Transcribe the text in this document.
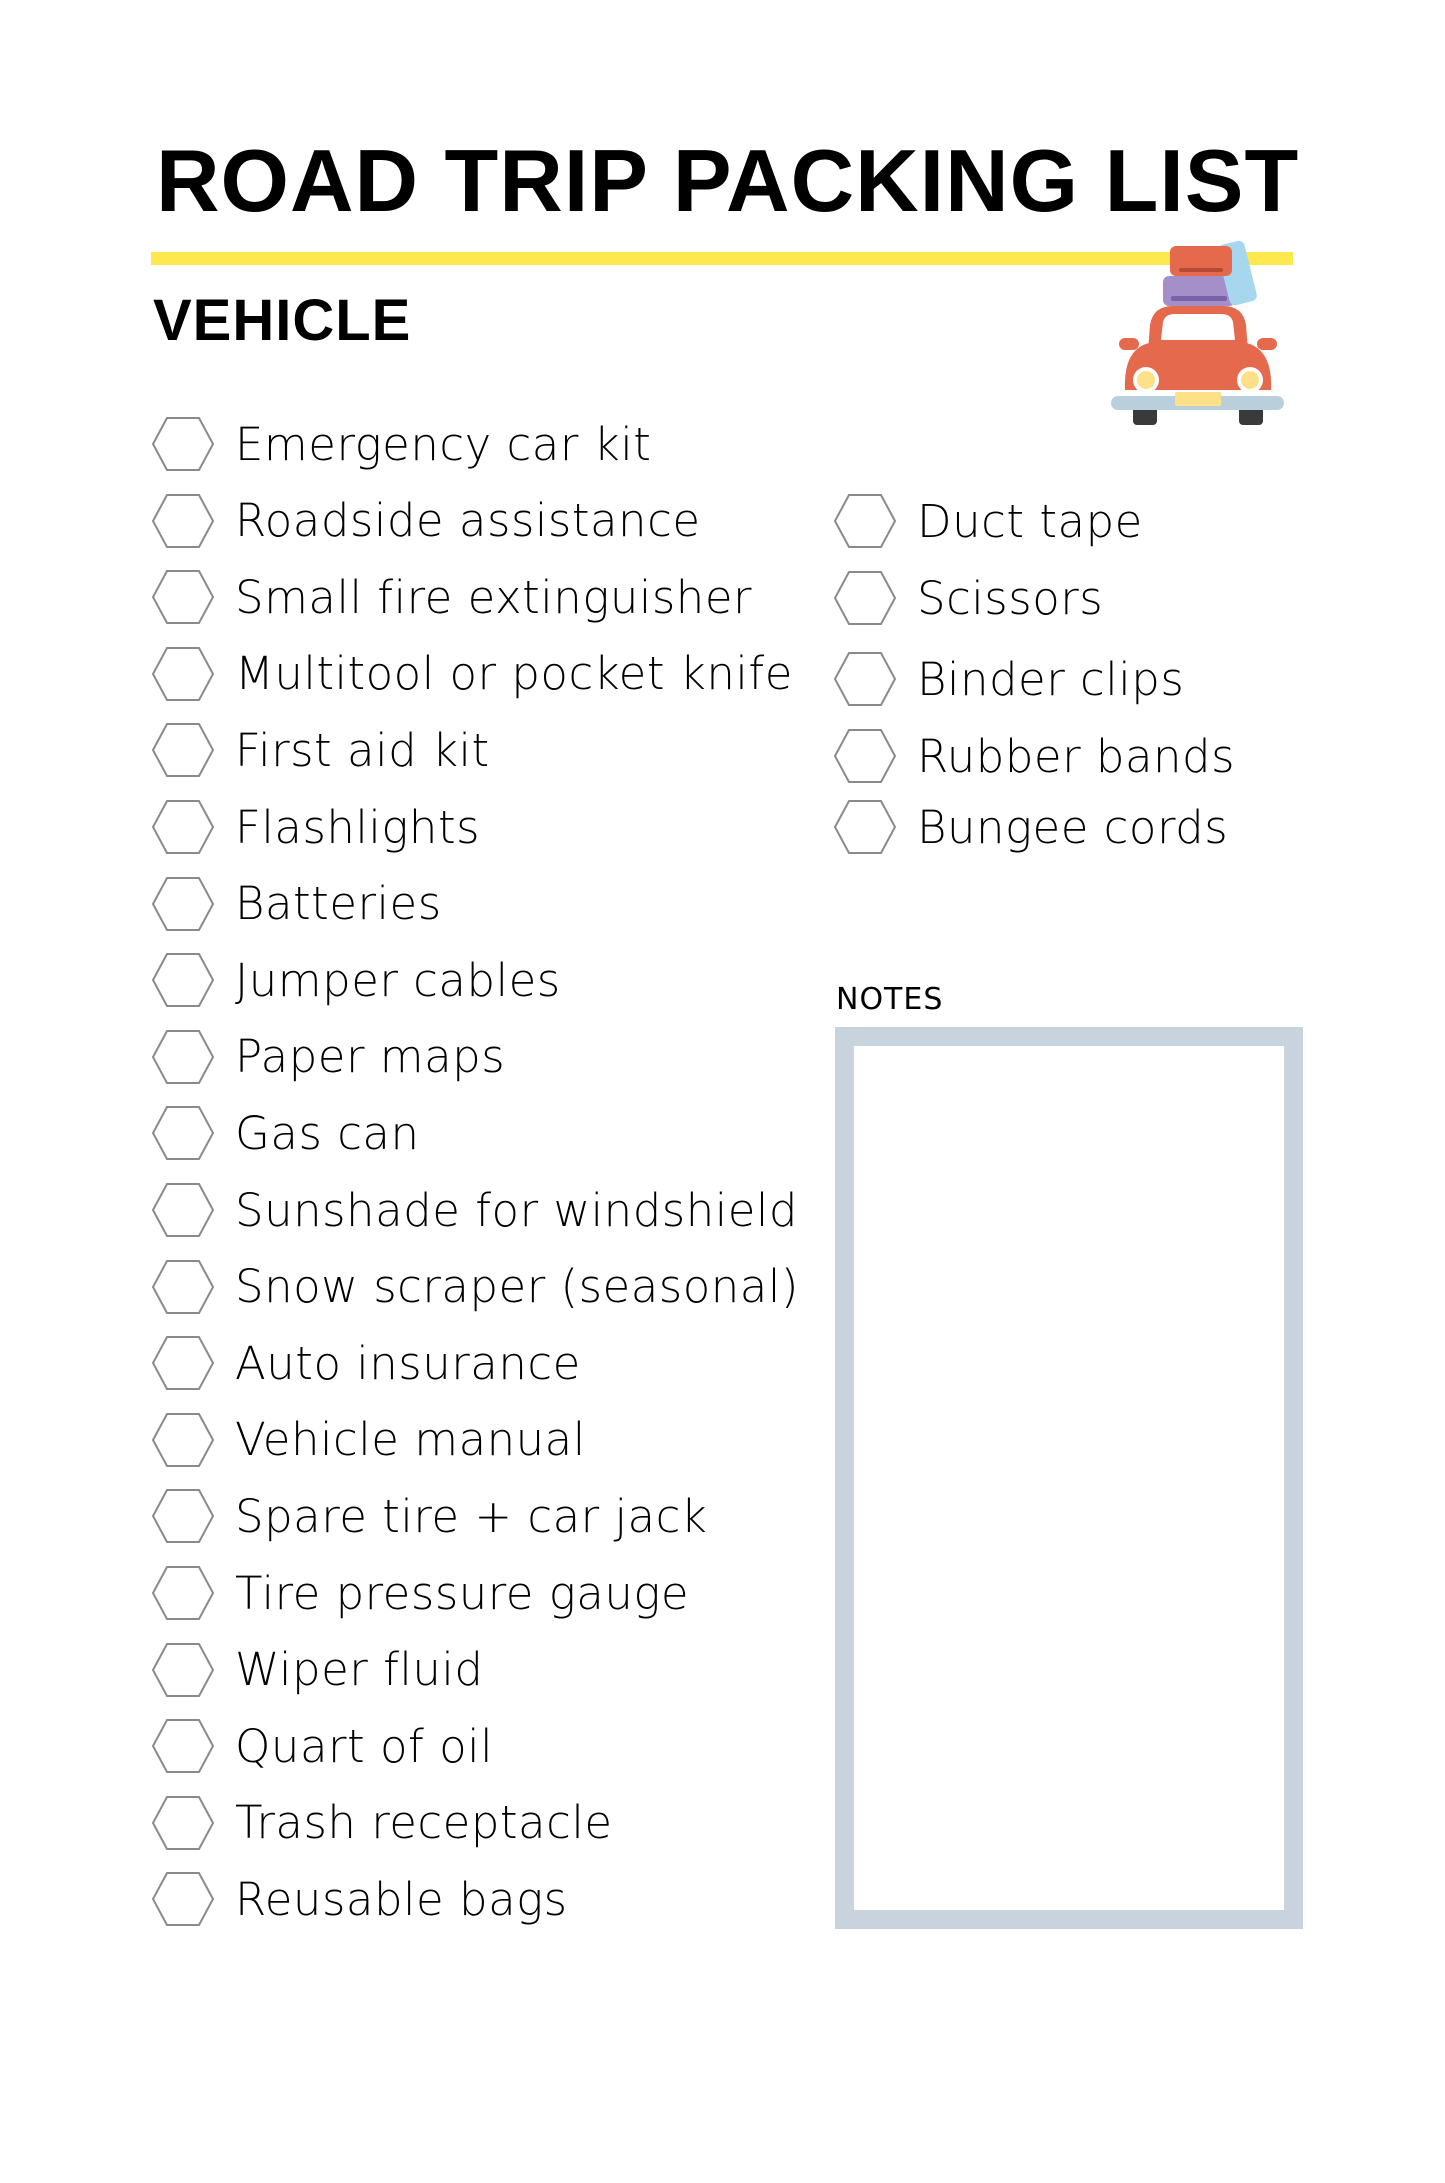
ROAD TRIP PACKING LIST
VEHICLE
Emergency car kit
Roadside assistance
Small fire extinguisher
Multitool or pocket knife
First aid kit
Flashlights
Batteries
Jumper cables
Paper maps
Gas can
Sunshade for windshield
Snow scraper (seasonal)
Auto insurance
Vehicle manual
Spare tire + car jack
Tire pressure gauge
Wiper fluid
Quart of oil
Trash receptacle
Reusable bags
Duct tape
Scissors
Binder clips
Rubber bands
Bungee cords
NOTES
